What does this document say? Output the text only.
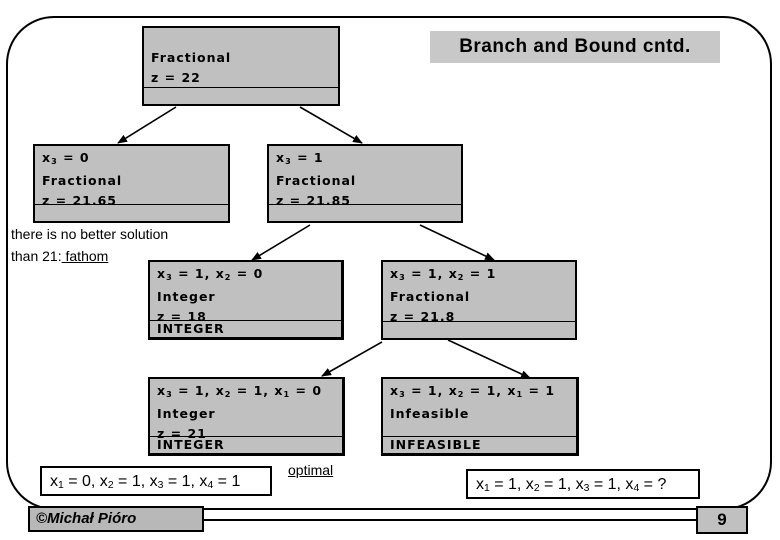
Branch and Bound cntd.
Fractional
z = 22
$x_3 = 0$
Fractional
z = 21.65
$x_3 = 1$
Fractional
z = 21.85
$x_3 = 1$, $x_2 = 0$
Integer
z = 18
INTEGER
$x_3 = 1$, $x_2 = 1$
Fractional
z = 21.8
$x_3 = 1$, $x_2 = 1$, $x_1 = 0$
Integer
z = 21
INTEGER
$x_3 = 1$, $x_2 = 1$, $x_1 = 1$
Infeasible
INFEASIBLE
there is no better solution
than 21: fathom
optimal
$x_1 = 0$, $x_2 = 1$, $x_3 = 1$, $x_4 = 1$	$x_1 = 1$, $x_2 = 1$, $x_3 = 1$, $x_4$ = ?
©Michał Pióro	9
